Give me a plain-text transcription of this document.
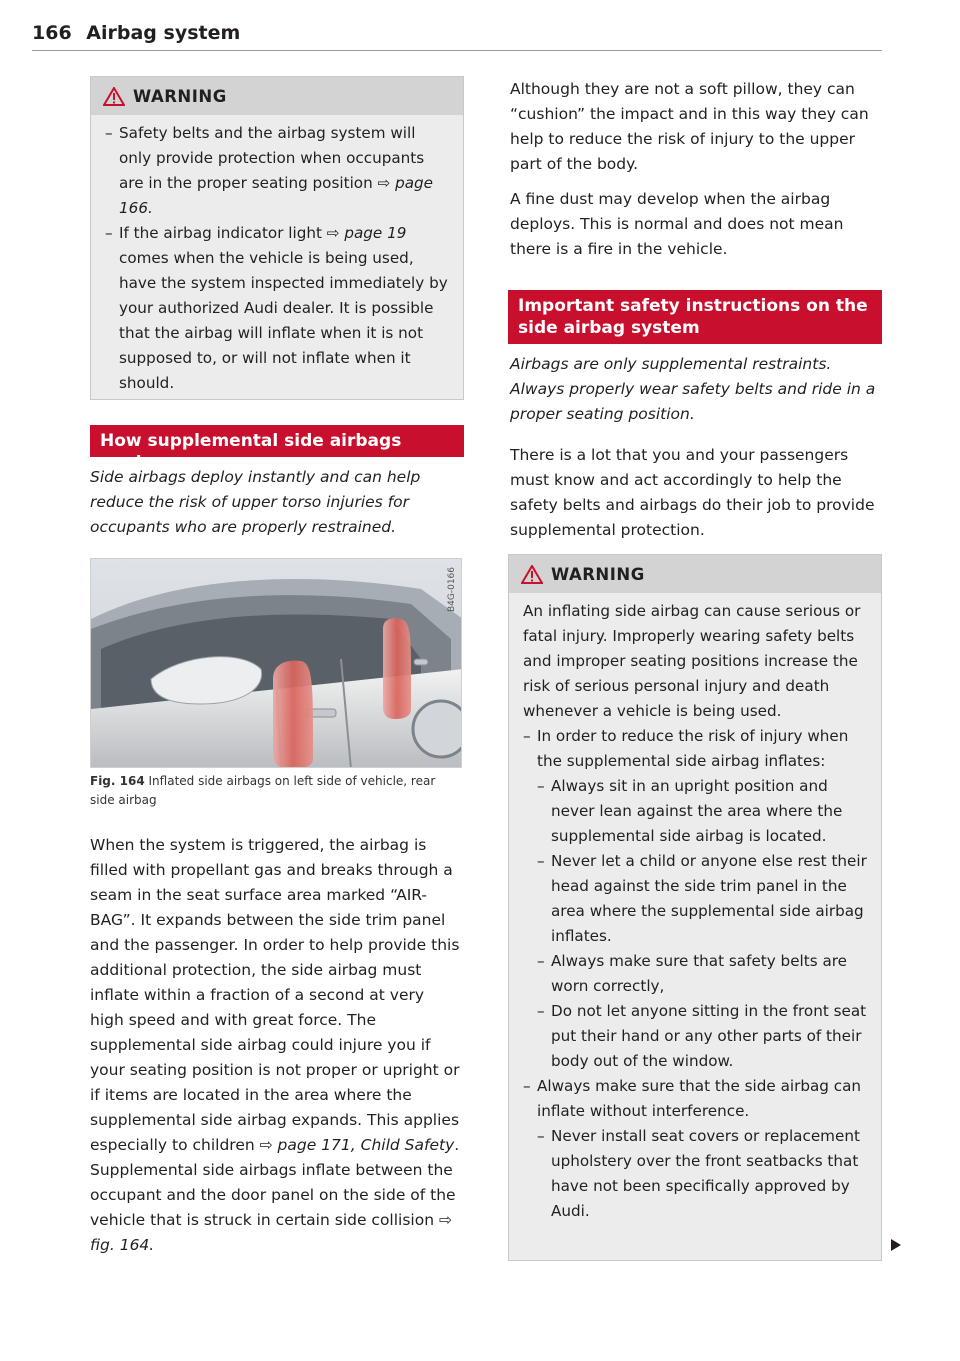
166 Airbag system
WARNING

– Safety belts and the airbag system will only provide protection when occupants are in the proper seating position ⇨ page 166.

– If the airbag indicator light ⇨ page 19 comes when the vehicle is being used, have the system inspected immediately by your authorized Audi dealer. It is possible that the airbag will inflate when it is not supposed to, or will not inflate when it should.

How supplemental side airbags work

Side airbags deploy instantly and can help reduce the risk of upper torso injuries for occupants who are properly restrained.

B4G-0166
Fig. 164 Inflated side airbags on left side of vehicle, rear side airbag

When the system is triggered, the airbag is filled with propellant gas and breaks through a seam in the seat surface area marked “AIR-BAG”. It expands between the side trim panel and the passenger. In order to help provide this additional protection, the side airbag must inflate within a fraction of a second at very high speed and with great force. The supplemental side airbag could injure you if your seating position is not proper or upright or if items are located in the area where the supplemental side airbag expands. This applies especially to children ⇨ page 171, Child Safety. Supplemental side airbags inflate between the occupant and the door panel on the side of the vehicle that is struck in certain side collision ⇨ fig. 164.

Although they are not a soft pillow, they can “cushion” the impact and in this way they can help to reduce the risk of injury to the upper part of the body.

A fine dust may develop when the airbag deploys. This is normal and does not mean there is a fire in the vehicle.

Important safety instructions on the side airbag system

Airbags are only supplemental restraints. Always properly wear safety belts and ride in a proper seating position.

There is a lot that you and your passengers must know and act accordingly to help the safety belts and airbags do their job to provide supplemental protection.

WARNING

An inflating side airbag can cause serious or fatal injury. Improperly wearing safety belts and improper seating positions increase the risk of serious personal injury and death whenever a vehicle is being used.

– In order to reduce the risk of injury when the supplemental side airbag inflates:

– Always sit in an upright position and never lean against the area where the supplemental side airbag is located.

– Never let a child or anyone else rest their head against the side trim panel in the area where the supplemental side airbag inflates.

– Always make sure that safety belts are worn correctly,

– Do not let anyone sitting in the front seat put their hand or any other parts of their body out of the window.

– Always make sure that the side airbag can inflate without interference.

– Never install seat covers or replacement upholstery over the front seatbacks that have not been specifically approved by Audi.
